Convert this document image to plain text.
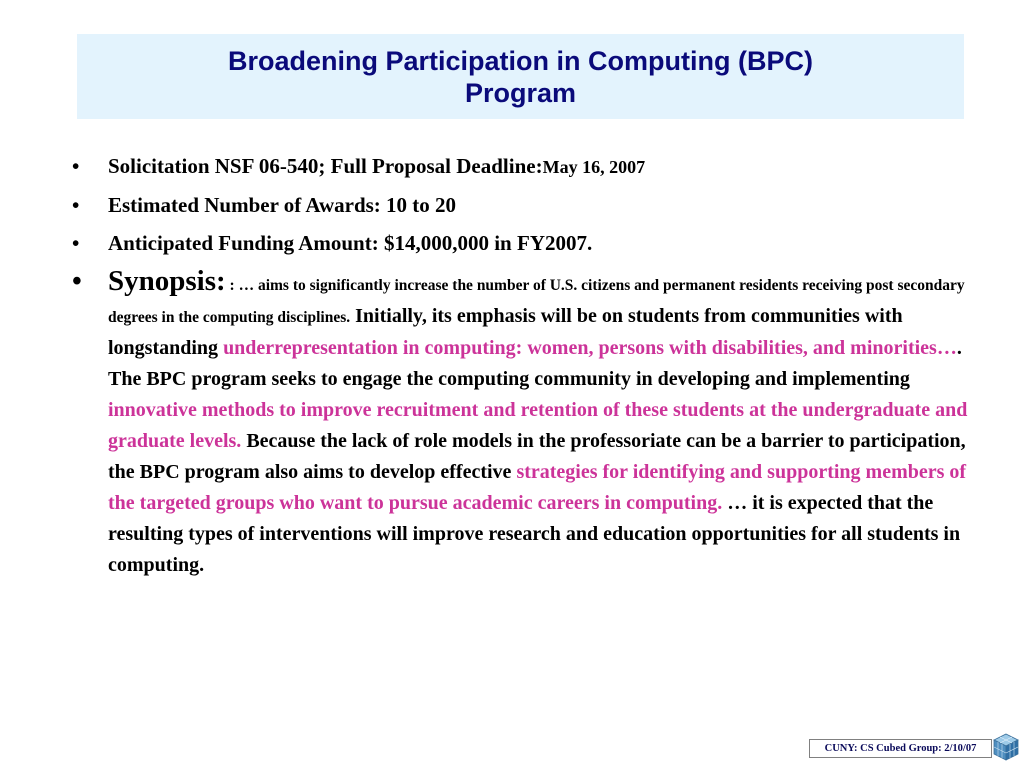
Broadening Participation in Computing (BPC)
Program
• Solicitation NSF 06-540; Full Proposal Deadline:May 16, 2007
• Estimated Number of Awards: 10 to 20
• Anticipated Funding Amount: $14,000,000 in FY2007.
• Synopsis: : … aims to significantly increase the number of U.S. citizens and permanent residents receiving post secondary degrees in the computing disciplines. Initially, its emphasis will be on students from communities with longstanding underrepresentation in computing: women, persons with disabilities, and minorities…. The BPC program seeks to engage the computing community in developing and implementing innovative methods to improve recruitment and retention of these students at the undergraduate and graduate levels. Because the lack of role models in the professoriate can be a barrier to participation, the BPC program also aims to develop effective strategies for identifying and supporting members of the targeted groups who want to pursue academic careers in computing. … it is expected that the resulting types of interventions will improve research and education opportunities for all students in computing.
CUNY: CS Cubed Group: 2/10/07
